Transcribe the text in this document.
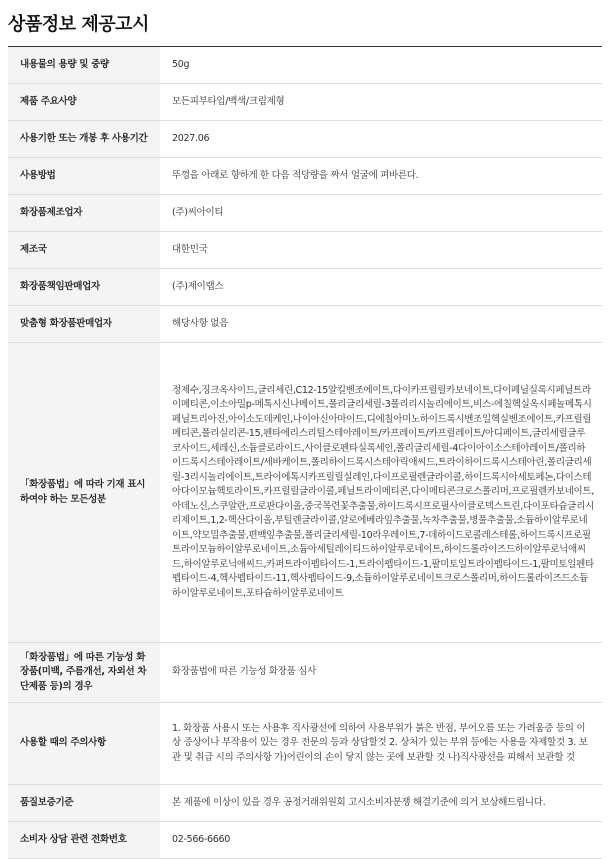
상품정보 제공고시
내용물의 용량 및 중량	50g
제품 주요사양	모든피부타입/백색/크림제형
사용기한 또는 개봉 후 사용기간	2027.06
사용방법	뚜껑을 아래로 향하게 한 다음 적당량을 짜서 얼굴에 펴바른다.
화장품제조업자	(주)씨아이티
제조국	대한민국
화장품책임판매업자	(주)제이랩스
맞춤형 화장품판매업자	해당사항 없음
「화장품법」에 따라 기재 표시하여야 하는 모든성분	정제수,징크옥사이드,글리세린,C12-15알킬벤조에이트,다이카프릴릴카보네이트,다이페닐실록시페닐트라이메티콘,이소아밀p-메톡시신나메이트,폴리글리세릴-3폴리리시놀리에이트,비스-에칠헥실옥시페놀메톡시페닐트리아진,아이소도데케인,나이아신아마이드,디에칠아미노하이드록시벤조일헥실벤조에이트,카프릴릴메티콘,폴리실리콘-15,펜타에리스리틸스테아레이트/카프레이트/카프릴레이트/아디페이트,글리세릴글루코사이드,세레신,소듐클로라이드,사이클로펜타실록세인,폴리글리세릴-4다이아이소스테아레이트/폴리하이드록시스테아레이트/세바케이트,폴리하이드록시스테아릭애씨드,트라이하이드록시스테아린,폴리글리세릴-3리시놀리에이트,트라이에톡시카프릴릴실레인,다이프로필렌글라이콜,하이드록시아세토페논,다이스테아다이모늄헥토라이트,카프릴릴글라이콜,페닐트라이메티콘,다이메티콘크로스폴리머,프로필렌카보네이트,아데노신,스쿠알란,프로판다이올,중국목련꽃추출물,하이드록시프로필사이클로덱스트린,다이포타슘글리시리제이트,1,2-헥산다이올,부틸렌글라이콜,알로에베라잎추출물,녹차추출물,병풀추출물,소듐하이알루로네이트,약모밀추출물,편백잎추출물,폴리글리세릴-10라우레이트,7-데하이드로콜레스테롤,하이드록시프로필트라이모늄하이알루로네이트,소듐아세틸레이티드하이알루로네이트,하이드롤라이즈드하이알루로닉애씨드,하이알루로닉애씨드,카퍼트라이펩타이드-1,트라이펩타이드-1,팔미토일트라이펩타이드-1,팔미토일펜타펩타이드-4,헥사펩타이드-11,헥사펩타이드-9,소듐하이알루로네이트크로스폴리머,하이드롤라이즈드소듐하이알루로네이트,포타슘하이알루로네이트
「화장품법」에 따른 기능성 화장품(미백, 주름개선, 자외선 차단제품 등)의 경우	화장품법에 따른 기능성 화장품 심사
사용할 때의 주의사항	1. 화장품 사용시 또는 사용후 직사광선에 의하여 사용부위가 붉은 반점, 부어오름 또는 가려움증 등의 이상 증상이나 부작용이 있는 경우 전문의 등과 상담할것 2. 상처가 있는 부위 등에는 사용을 자제할것 3. 보관 및 취급 시의 주의사항 가)어린이의 손이 닿지 않는 곳에 보관할 것 나)직사광선을 피해서 보관할 것
품질보증기준	본 제품에 이상이 있을 경우 공정거래위원회 고시소비자분쟁 해결기준에 의거 보상해드립니다.
소비자 상담 관련 전화번호	02-566-6660
